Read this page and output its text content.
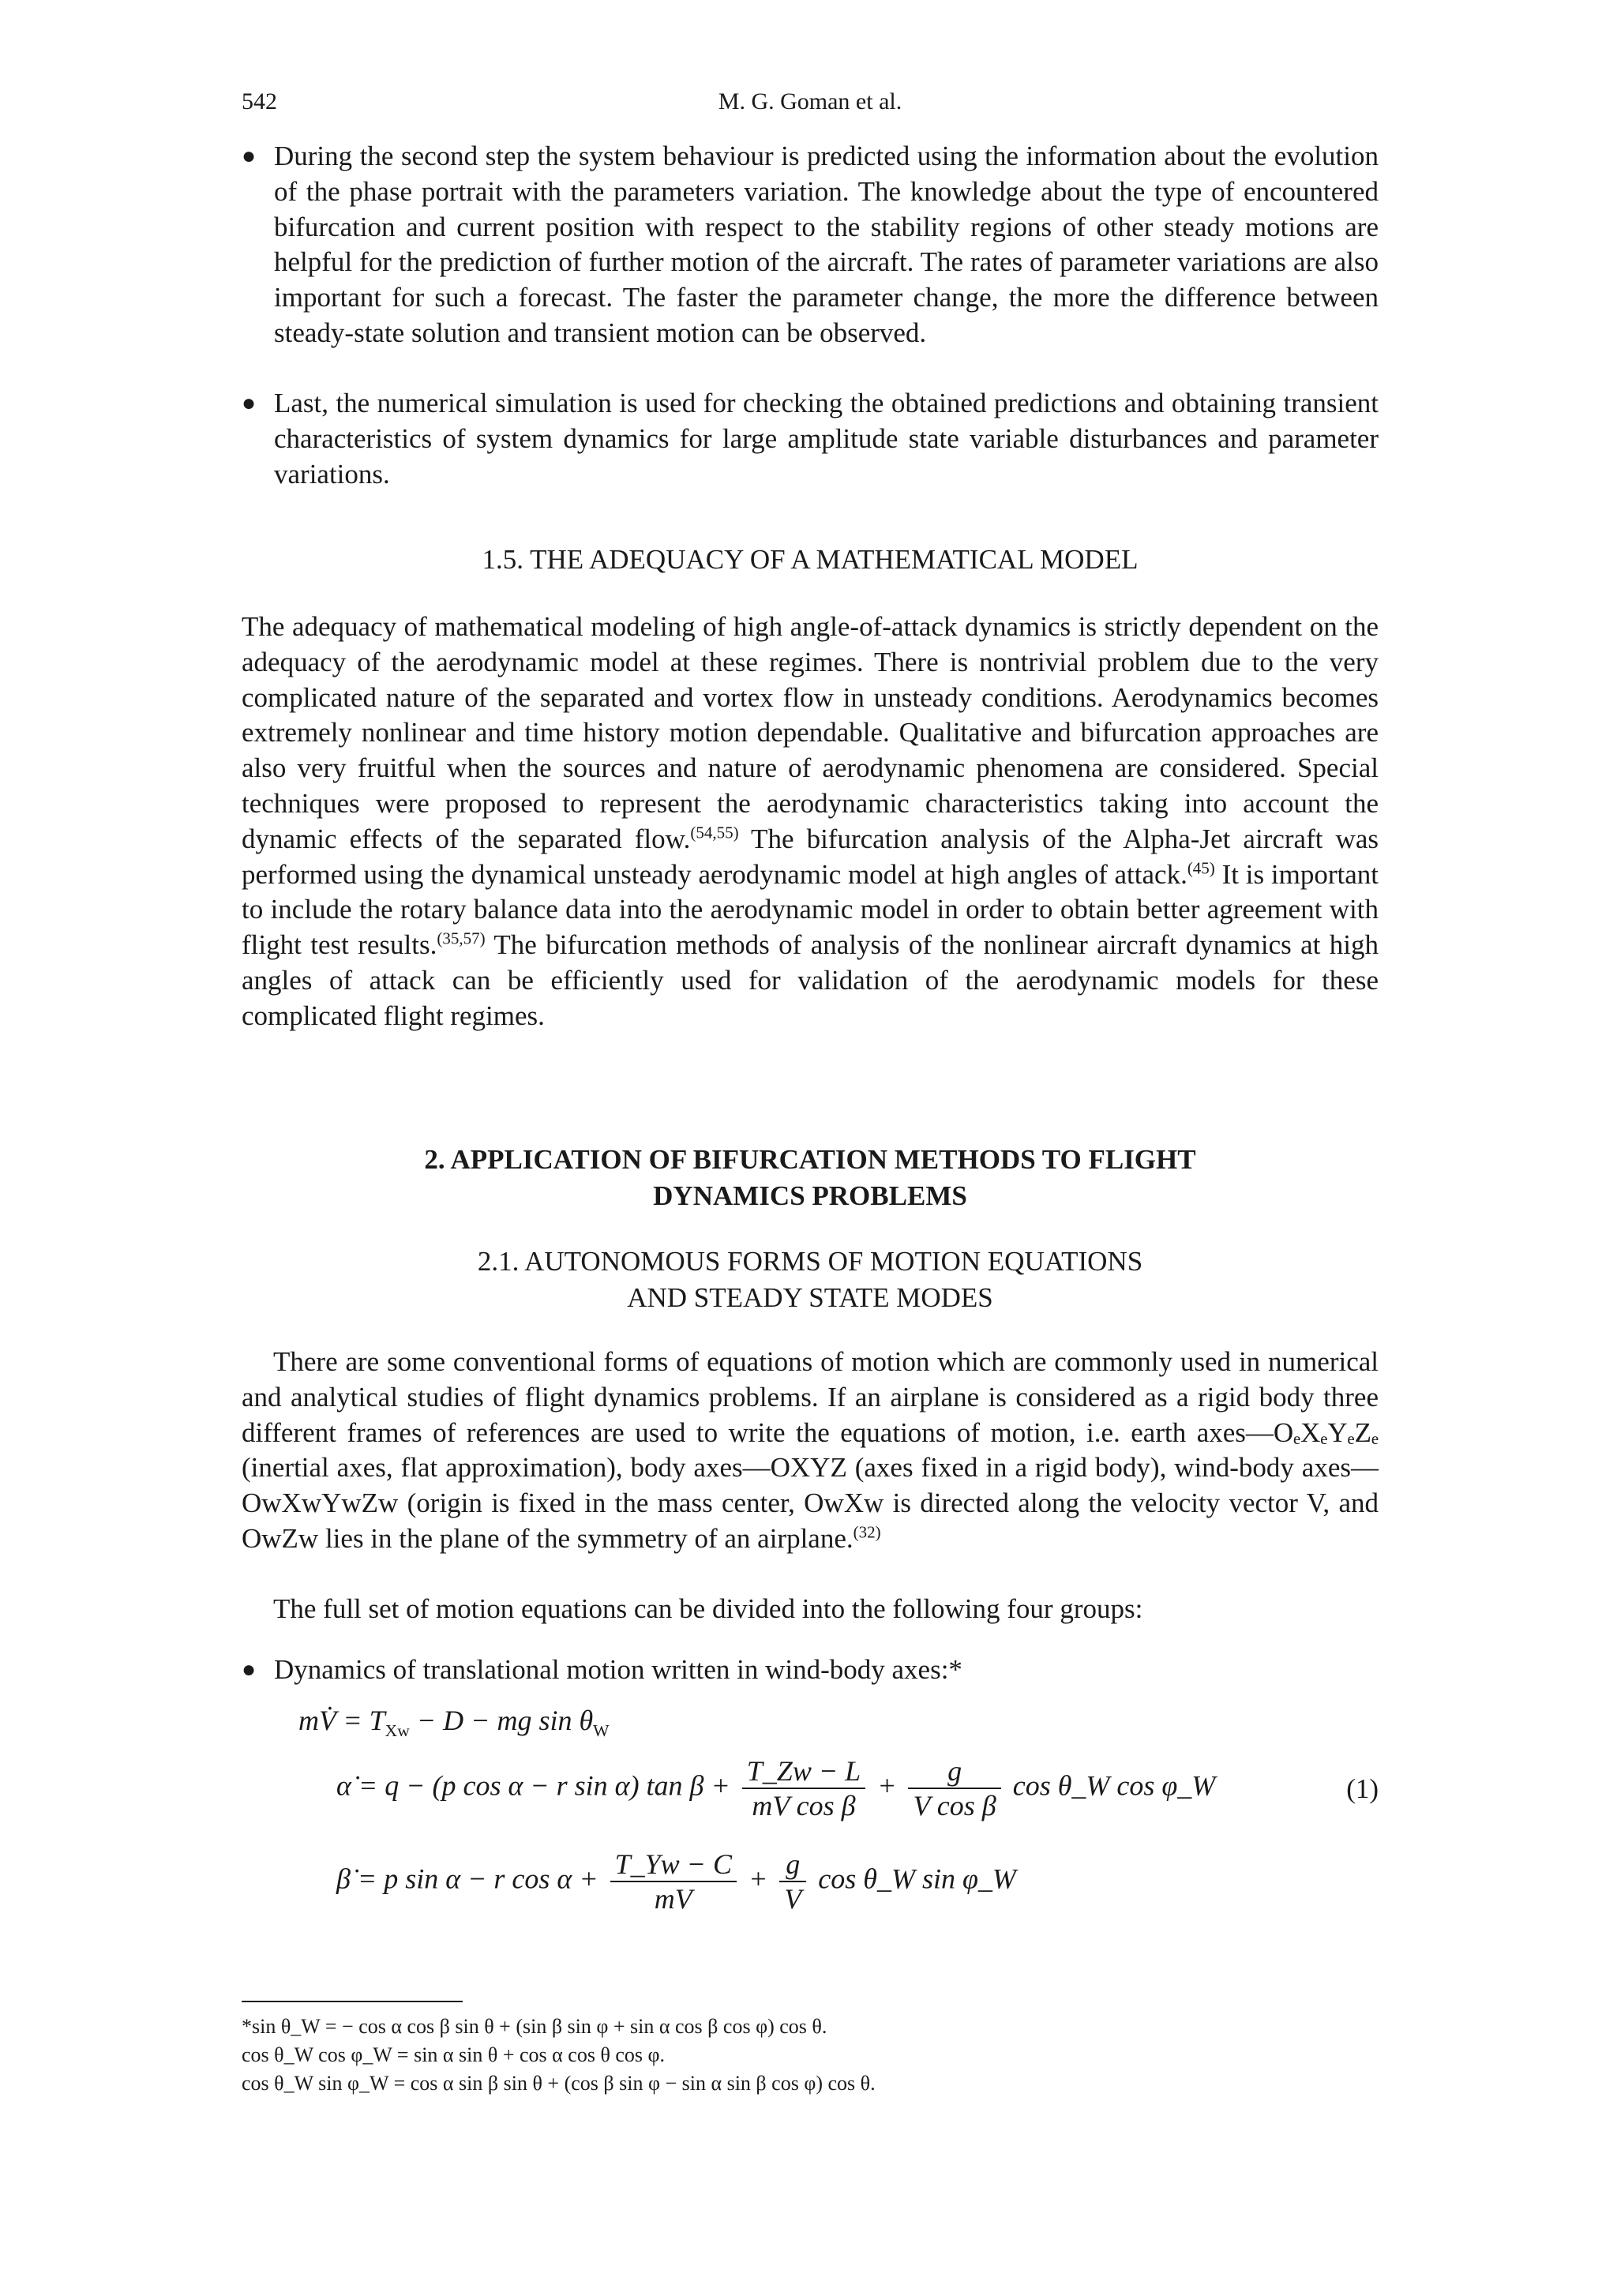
542	M. G. Goman et al.
● During the second step the system behaviour is predicted using the information about the evolution of the phase portrait with the parameters variation. The knowledge about the type of encountered bifurcation and current position with respect to the stability regions of other steady motions are helpful for the prediction of further motion of the aircraft. The rates of parameter variations are also important for such a forecast. The faster the parameter change, the more the difference between steady-state solution and transient motion can be observed.
● Last, the numerical simulation is used for checking the obtained predictions and obtaining transient characteristics of system dynamics for large amplitude state variable disturbances and parameter variations.
1.5. THE ADEQUACY OF A MATHEMATICAL MODEL
The adequacy of mathematical modeling of high angle-of-attack dynamics is strictly dependent on the adequacy of the aerodynamic model at these regimes. There is nontrivial problem due to the very complicated nature of the separated and vortex flow in unsteady conditions. Aerodynamics becomes extremely nonlinear and time history motion dependable. Qualitative and bifurcation approaches are also very fruitful when the sources and nature of aerodynamic phenomena are considered. Special techniques were proposed to represent the aerodynamic characteristics taking into account the dynamic effects of the separated flow.$^{(54,55)}$ The bifurcation analysis of the Alpha-Jet aircraft was performed using the dynamical unsteady aerodynamic model at high angles of attack.$^{(45)}$ It is important to include the rotary balance data into the aerodynamic model in order to obtain better agreement with flight test results.$^{(35,57)}$ The bifurcation methods of analysis of the nonlinear aircraft dynamics at high angles of attack can be efficiently used for validation of the aerodynamic models for these complicated flight regimes.
2. APPLICATION OF BIFURCATION METHODS TO FLIGHT
DYNAMICS PROBLEMS
2.1. AUTONOMOUS FORMS OF MOTION EQUATIONS
AND STEADY STATE MODES
There are some conventional forms of equations of motion which are commonly used in numerical and analytical studies of flight dynamics problems. If an airplane is considered as a rigid body three different frames of references are used to write the equations of motion, i.e. earth axes—OₑXₑYₑZₑ (inertial axes, flat approximation), body axes—OXYZ (axes fixed in a rigid body), wind-body axes—OᴡXᴡYᴡZᴡ (origin is fixed in the mass center, OᴡXᴡ is directed along the velocity vector V, and OᴡZᴡ lies in the plane of the symmetry of an airplane.$^{(32)}$
The full set of motion equations can be divided into the following four groups:
● Dynamics of translational motion written in wind-body axes:*
mV̇ = $T_{Xw} - D$ − mg $\sin \theta_W$
α̇ = q − (p cos α − r sin α) $\tan \beta + \frac{T\_Zw - L}{\text{mV cos β}} + \frac{g}{\text{V cos β}}$ cos θ_W cos φ_W	(1)
β̇ = p sin α − r $\cos \alpha + \frac{T\_Yw - C}{mV} + \frac{g}{V}$ cos θ_W sin φ_W
*sin θ_W = − cos α cos β sin θ + (sin β sin φ + sin α cos β cos φ) cos θ.
cos θ_W cos φ_W = sin α sin θ + cos α cos θ cos φ.
cos θ_W sin φ_W = cos α sin β sin θ + (cos β sin φ − sin α sin β cos φ) cos θ.
